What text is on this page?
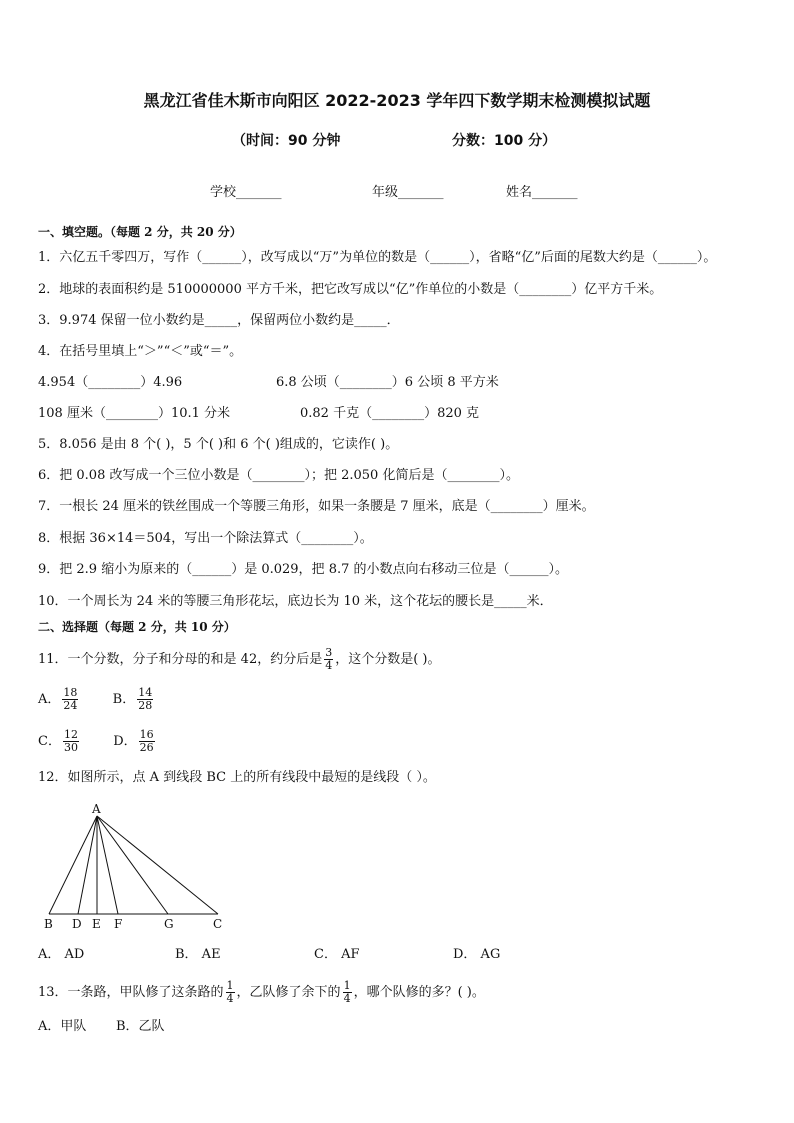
黑龙江省佳木斯市向阳区 2022-2023 学年四下数学期末检测模拟试题
（时间：90 分钟	分数：100 分）
学校_______	年级_______	姓名_______
一、填空题。（每题 2 分，共 20 分）
1．六亿五千零四万，写作（______），改写成以“万”为单位的数是（______），省略“亿”后面的尾数大约是（______）。
2．地球的表面积约是 510000000 平方千米，把它改写成以“亿”作单位的小数是（________）亿平方千米。
3．9.974 保留一位小数约是_____，保留两位小数约是_____．
4．在括号里填上“＞”“＜”或“＝”。
4.954（________）4.96	6.8 公顷（________）6 公顷 8 平方米
108 厘米（________）10.1 分米	0.82 千克（________）820 克
5．8.056 是由 8 个( )，5 个( )和 6 个( )组成的，它读作( )。
6．把 0.08 改写成一个三位小数是（________）；把 2.050 化简后是（________）。
7．一根长 24 厘米的铁丝围成一个等腰三角形，如果一条腰是 7 厘米，底是（________）厘米。
8．根据 36×14＝504，写出一个除法算式（________）。
9．把 2.9 缩小为原来的（______）是 0.029，把 8.7 的小数点向右移动三位是（______）。
10．一个周长为 24 米的等腰三角形花坛，底边长为 10 米，这个花坛的腰长是_____米．
二、选择题（每题 2 分，共 10 分）
11．一个分数，分子和分母的和是 42，约分后是 $\frac{3}{4}$ ，这个分数是( )。
A． $\frac{18}{24}$	B． $\frac{14}{28}$
C． $\frac{12}{30}$	D． $\frac{16}{26}$
12．如图所示，点 A 到线段 BC 上的所有线段中最短的是线段（ ）。
A
B D E F	G	C
A． AD	B． AE	C． AF	D． AG
13．一条路，甲队修了这条路的 $\frac{1}{4}$ ，乙队修了余下的 $\frac{1}{4}$ ，哪个队修的多？( )。
A．甲队 B．乙队
